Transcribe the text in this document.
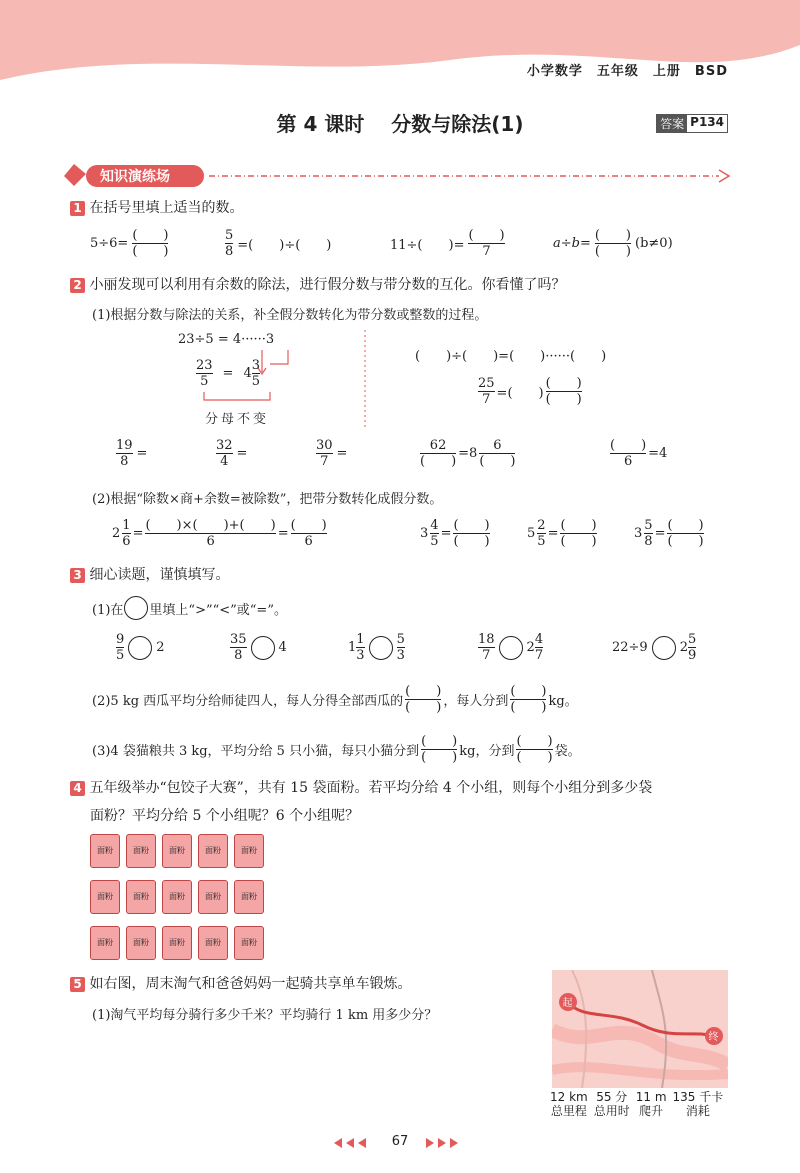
小学数学　五年级　上册　BSD
第 4 课时　 分数与除法(1)	答案 P134
知识演练场
1 在括号里填上适当的数。
$5\div 6= \frac{( )}{( )}$	$\frac{5}{8}$ =(　　)÷(　　)	11÷(　　)= $\frac{( )}{7}$	$a\div b= \frac{( )}{( )} (b\ne 0)$
2 小丽发现可以利用有余数的除法，进行假分数与带分数的互化。你看懂了吗？
(1)根据分数与除法的关系，补全假分数转化为带分数或整数的过程。
23÷5 = 4······3
$\frac{23}{5} = 4 \frac{3}{5}$
分母不变
(　　)÷(　　)=(　　)······(　　)
$\frac{25}{7}$ =(　　) $\frac{( )}{( )}$
$\frac{19}{8}$ =	$\frac{32}{4}$ =	$\frac{30}{7}$ =	$\frac{62}{( )} =8 \frac{6}{( )}$	$\frac{( )}{6} =4$
(2)根据“除数×商+余数=被除数”，把带分数转化成假分数。
$2 \frac{1}{6} = \frac{( )\times( )+( )}{6} = \frac{( )}{6}$	$3 \frac{4}{5} = \frac{( )}{( )}$	$5 \frac{2}{5} = \frac{( )}{( )}$	$3 \frac{5}{8} = \frac{( )}{( )}$
3 细心读题，谨慎填写。
(1)在 里填上“>”“<”或“=”。
$\frac{9}{5} 2$	$\frac{35}{8} 4$	$1 \frac{1}{3} \frac{5}{3}$	$\frac{18}{7} 2 \frac{4}{7}$	22÷9 $2 \frac{5}{9}$
(2)5 kg 西瓜平均分给师徒四人，每人分得全部西瓜的 $\frac{( )}{( )}$ ，每人分到 $\frac{( )}{( )}$ kg。
(3)4 袋猫粮共 3 kg，平均分给 5 只小猫，每只小猫分到 $\frac{( )}{( )}$ kg，分到 $\frac{( )}{( )}$ 袋。
4 五年级举办“包饺子大赛”，共有 15 袋面粉。若平均分给 4 个小组，则每个小组分到多少袋
面粉？平均分给 5 个小组呢？6 个小组呢？
面粉	面粉	面粉	面粉	面粉
面粉	面粉	面粉	面粉	面粉
面粉	面粉	面粉	面粉	面粉
5 如右图，周末淘气和爸爸妈妈一起骑共享单车锻炼。
(1)淘气平均每分骑行多少千米？平均骑行 1 km 用多少分？
起
终
12 km
总里程
55 分
总用时
11 m
爬升
135 千卡
消耗
67
